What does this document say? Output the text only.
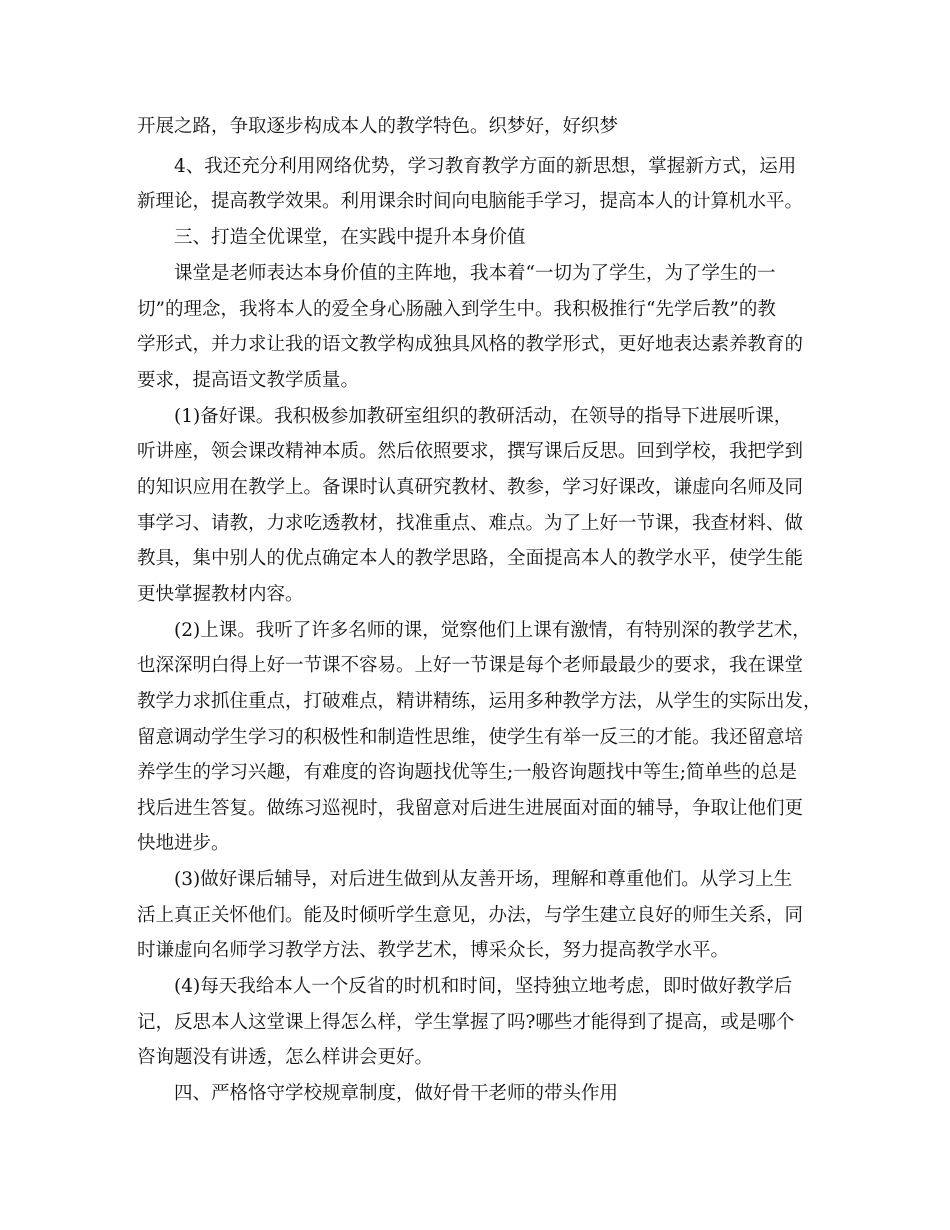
开展之路，争取逐步构成本人的教学特色。织梦好，好织梦

4、我还充分利用网络优势，学习教育教学方面的新思想，掌握新方式，运用

新理论，提高教学效果。利用课余时间向电脑能手学习，提高本人的计算机水平。

三、打造全优课堂，在实践中提升本身价值

课堂是老师表达本身价值的主阵地，我本着“一切为了学生，为了学生的一

切”的理念，我将本人的爱全身心肠融入到学生中。我积极推行“先学后教”的教

学形式，并力求让我的语文教学构成独具风格的教学形式，更好地表达素养教育的

要求，提高语文教学质量。

(1)备好课。我积极参加教研室组织的教研活动，在领导的指导下进展听课，

听讲座，领会课改精神本质。然后依照要求，撰写课后反思。回到学校，我把学到

的知识应用在教学上。备课时认真研究教材、教参，学习好课改，谦虚向名师及同

事学习、请教，力求吃透教材，找准重点、难点。为了上好一节课，我查材料、做

教具，集中别人的优点确定本人的教学思路，全面提高本人的教学水平，使学生能

更快掌握教材内容。

(2)上课。我听了许多名师的课，觉察他们上课有激情，有特别深的教学艺术，

也深深明白得上好一节课不容易。上好一节课是每个老师最最少的要求，我在课堂

教学力求抓住重点，打破难点，精讲精练，运用多种教学方法，从学生的实际出发，

留意调动学生学习的积极性和制造性思维，使学生有举一反三的才能。我还留意培

养学生的学习兴趣，有难度的咨询题找优等生;一般咨询题找中等生;简单些的总是

找后进生答复。做练习巡视时，我留意对后进生进展面对面的辅导，争取让他们更

快地进步。

(3)做好课后辅导，对后进生做到从友善开场，理解和尊重他们。从学习上生

活上真正关怀他们。能及时倾听学生意见，办法，与学生建立良好的师生关系，同

时谦虚向名师学习教学方法、教学艺术，博采众长，努力提高教学水平。

(4)每天我给本人一个反省的时机和时间，坚持独立地考虑，即时做好教学后

记，反思本人这堂课上得怎么样，学生掌握了吗?哪些才能得到了提高，或是哪个

咨询题没有讲透，怎么样讲会更好。

四、严格恪守学校规章制度，做好骨干老师的带头作用
